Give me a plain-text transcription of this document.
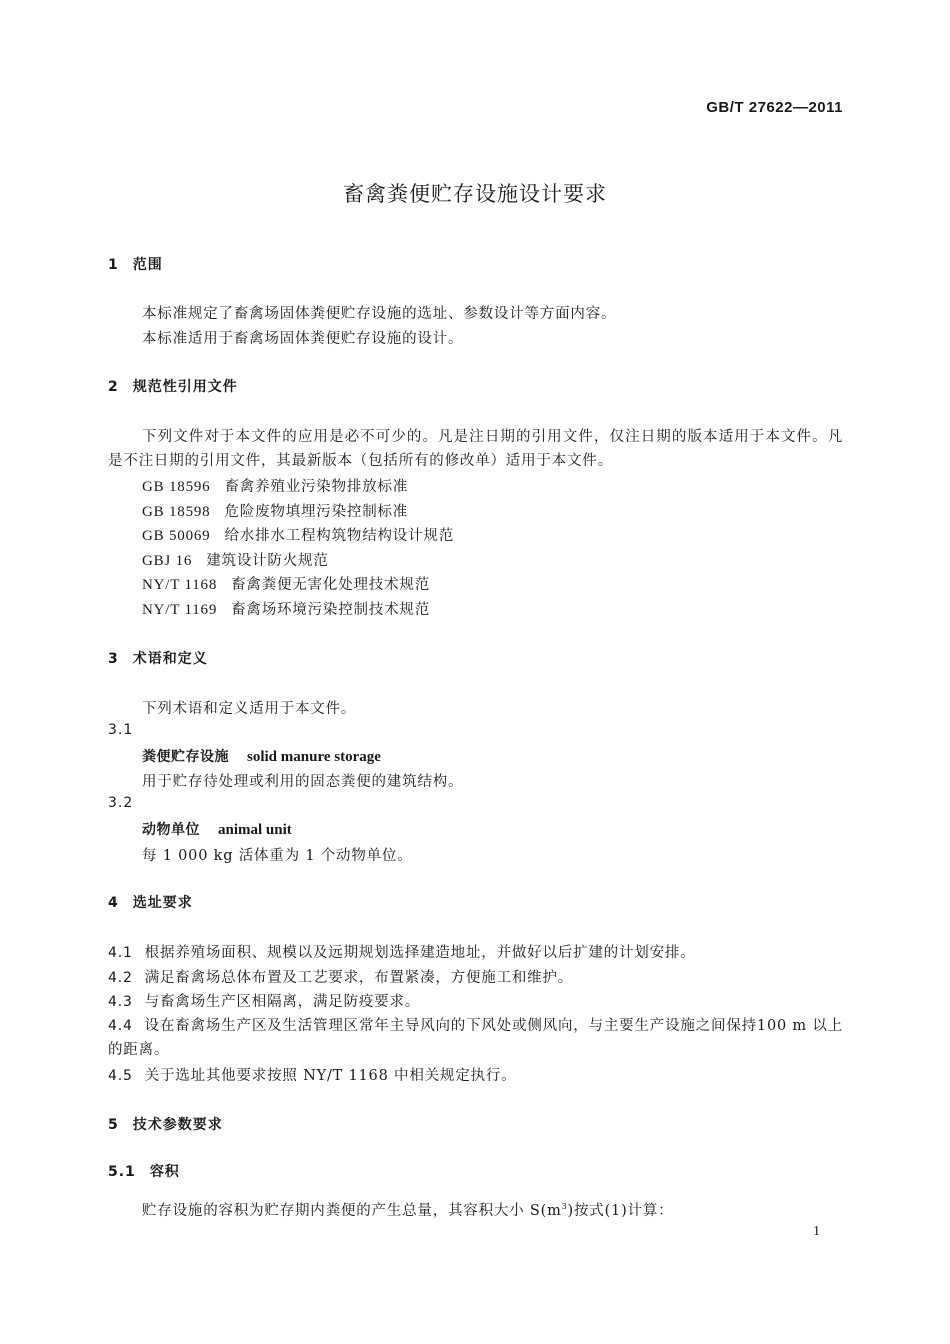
GB/T 27622—2011
畜禽粪便贮存设施设计要求
1 范围
本标准规定了畜禽场固体粪便贮存设施的选址、参数设计等方面内容。
本标准适用于畜禽场固体粪便贮存设施的设计。
2 规范性引用文件
下列文件对于本文件的应用是必不可少的。凡是注日期的引用文件，仅注日期的版本适用于本文件。凡是不注日期的引用文件，其最新版本（包括所有的修改单）适用于本文件。
GB 18596 畜禽养殖业污染物排放标准
GB 18598 危险废物填埋污染控制标准
GB 50069 给水排水工程构筑物结构设计规范
GBJ 16 建筑设计防火规范
NY/T 1168 畜禽粪便无害化处理技术规范
NY/T 1169 畜禽场环境污染控制技术规范
3 术语和定义
下列术语和定义适用于本文件。
3.1
粪便贮存设施 solid manure storage
用于贮存待处理或利用的固态粪便的建筑结构。
3.2
动物单位 animal unit
每 1 000 kg 活体重为 1 个动物单位。
4 选址要求
4.1 根据养殖场面积、规模以及远期规划选择建造地址，并做好以后扩建的计划安排。
4.2 满足畜禽场总体布置及工艺要求，布置紧凑，方便施工和维护。
4.3 与畜禽场生产区相隔离，满足防疫要求。
4.4 设在畜禽场生产区及生活管理区常年主导风向的下风处或侧风向，与主要生产设施之间保持100 m 以上的距离。
4.5 关于选址其他要求按照 NY/T 1168 中相关规定执行。
5 技术参数要求
5.1 容积
贮存设施的容积为贮存期内粪便的产生总量，其容积大小 $S(m^3)$按式(1)计算：
1
